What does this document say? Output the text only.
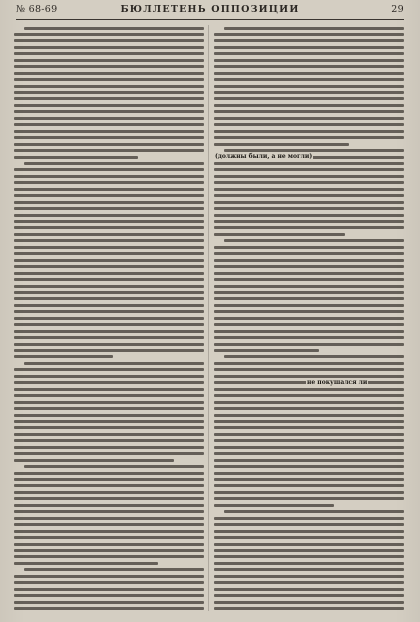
№ 68-69	БЮЛЛЕТЕНЬ ОППОЗИЦИИ	29
(должны были, а не могли)
не покушался ли
